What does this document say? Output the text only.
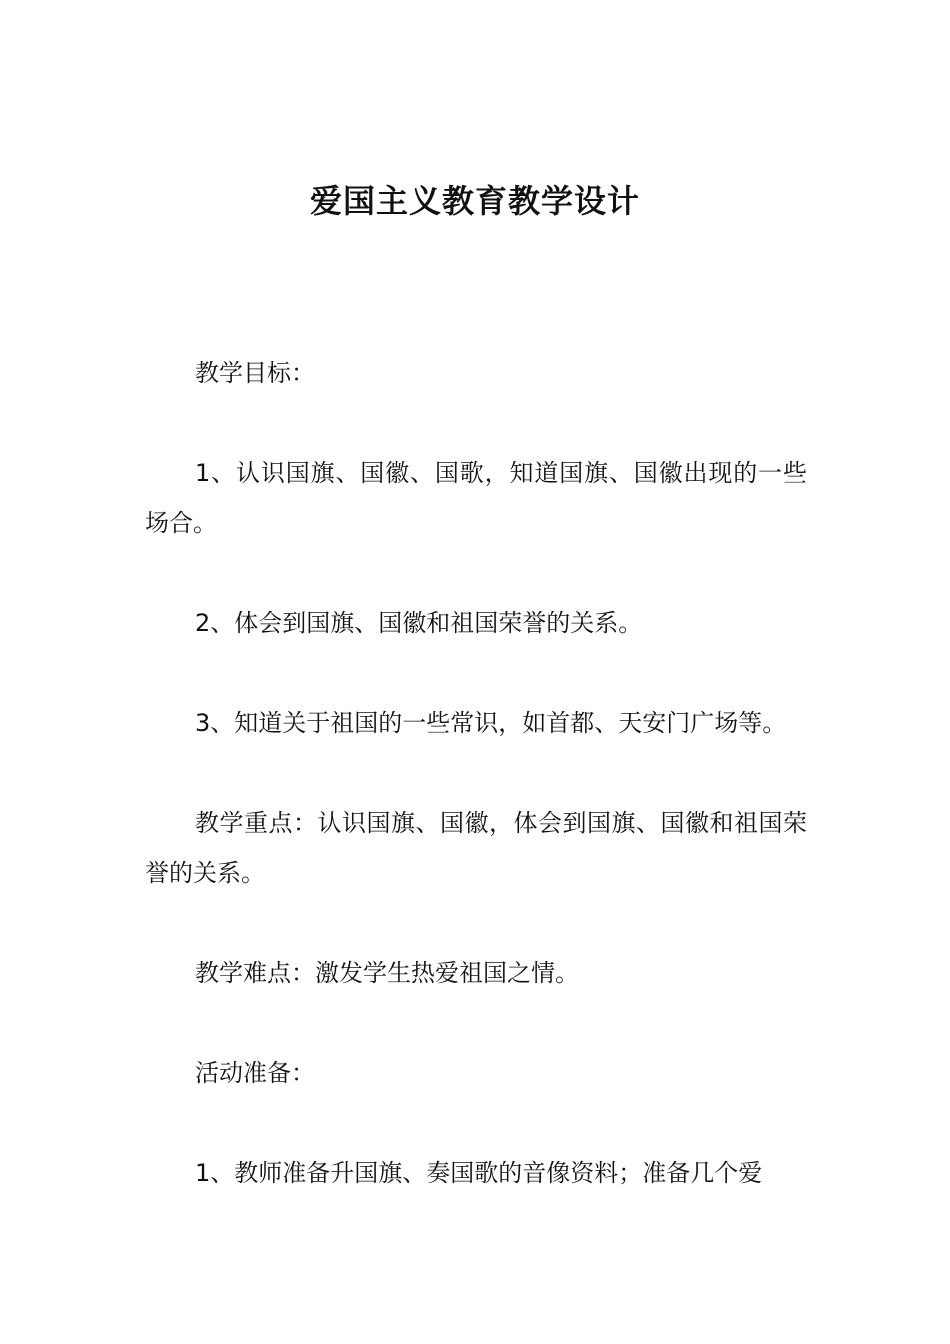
爱国主义教育教学设计

教学目标：

1、认识国旗、国徽、国歌，知道国旗、国徽出现的一些场合。

2、体会到国旗、国徽和祖国荣誉的关系。

3、知道关于祖国的一些常识，如首都、天安门广场等。

教学重点：认识国旗、国徽，体会到国旗、国徽和祖国荣誉的关系。

教学难点：激发学生热爱祖国之情。

活动准备：

1、教师准备升国旗、奏国歌的音像资料；准备几个爱
